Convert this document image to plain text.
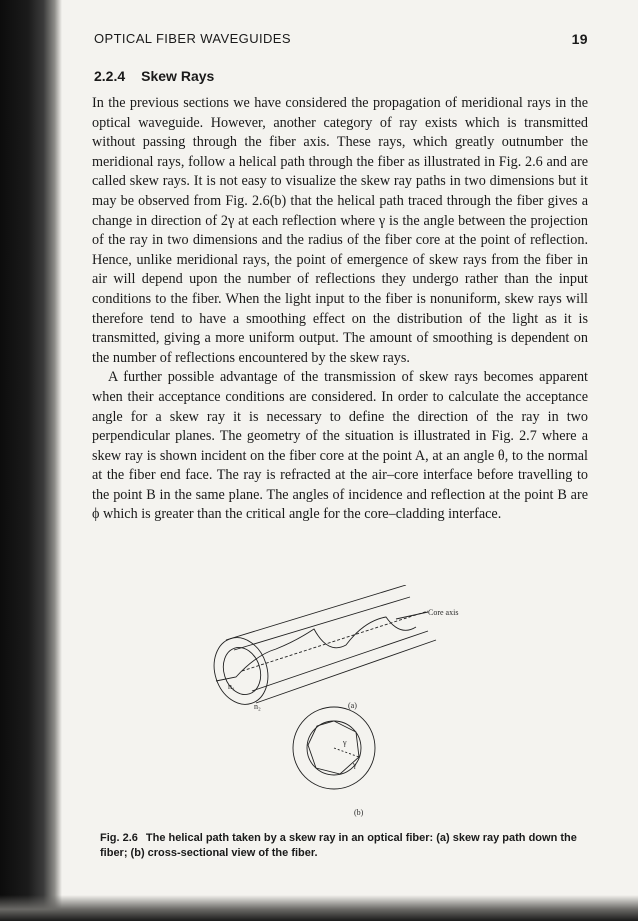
OPTICAL FIBER WAVEGUIDES	19
2.2.4 Skew Rays

In the previous sections we have considered the propagation of meridional rays in the optical waveguide. However, another category of ray exists which is transmitted without passing through the fiber axis. These rays, which greatly outnumber the meridional rays, follow a helical path through the fiber as illustrated in Fig. 2.6 and are called skew rays. It is not easy to visualize the skew ray paths in two dimensions but it may be observed from Fig. 2.6(b) that the helical path traced through the fiber gives a change in direction of 2γ at each reflection where γ is the angle between the projection of the ray in two dimensions and the radius of the fiber core at the point of reflection. Hence, unlike meridional rays, the point of emergence of skew rays from the fiber in air will depend upon the number of reflections they undergo rather than the input conditions to the fiber. When the light input to the fiber is nonuniform, skew rays will therefore tend to have a smoothing effect on the distribution of the light as it is transmitted, giving a more uniform output. The amount of smoothing is dependent on the number of reflections encountered by the skew rays.

A further possible advantage of the transmission of skew rays becomes apparent when their acceptance conditions are considered. In order to calculate the acceptance angle for a skew ray it is necessary to define the direction of the ray in two perpendicular planes. The geometry of the situation is illustrated in Fig. 2.7 where a skew ray is shown incident on the fiber core at the point A, at an angle θ, to the normal at the fiber end face. The ray is refracted at the air–core interface before travelling to the point B in the same plane. The angles of incidence and reflection at the point B are ϕ which is greater than the critical angle for the core–cladding interface.

Core axis
n₁
n₂	(a)
γ
γ
(b)
Fig. 2.6 The helical path taken by a skew ray in an optical fiber: (a) skew ray path down the fiber; (b) cross-sectional view of the fiber.
